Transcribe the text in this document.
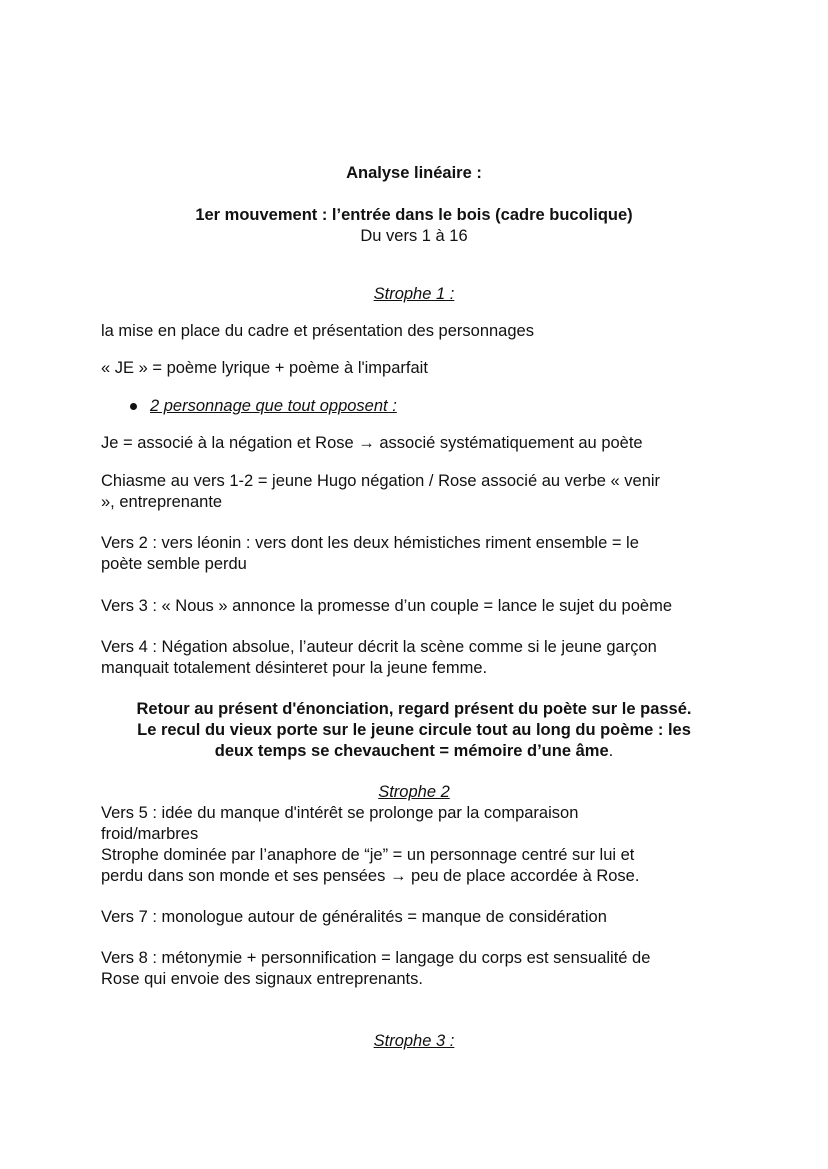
Analyse linéaire :

1er mouvement : l’entrée dans le bois (cadre bucolique)

Du vers 1 à 16

Strophe 1 :

la mise en place du cadre et présentation des personnages

« JE » = poème lyrique + poème à l'imparfait

2 personnage que tout opposent :

Je = associé à la négation et Rose → associé systématiquement au poète

Chiasme au vers 1-2 = jeune Hugo négation / Rose associé au verbe « venir

», entreprenante

Vers 2 : vers léonin : vers dont les deux hémistiches riment ensemble = le

poète semble perdu

Vers 3 : « Nous » annonce la promesse d’un couple = lance le sujet du poème

Vers 4 : Négation absolue, l’auteur décrit la scène comme si le jeune garçon

manquait totalement désinteret pour la jeune femme.

Retour au présent d'énonciation, regard présent du poète sur le passé.

Le recul du vieux porte sur le jeune circule tout au long du poème : les

deux temps se chevauchent = mémoire d’une âme.

Strophe 2

Vers 5 : idée du manque d'intérêt se prolonge par la comparaison

froid/marbres

Strophe dominée par l’anaphore de “je” = un personnage centré sur lui et

perdu dans son monde et ses pensées → peu de place accordée à Rose.

Vers 7 : monologue autour de généralités = manque de considération

Vers 8 : métonymie + personnification = langage du corps est sensualité de

Rose qui envoie des signaux entreprenants.

Strophe 3 :
